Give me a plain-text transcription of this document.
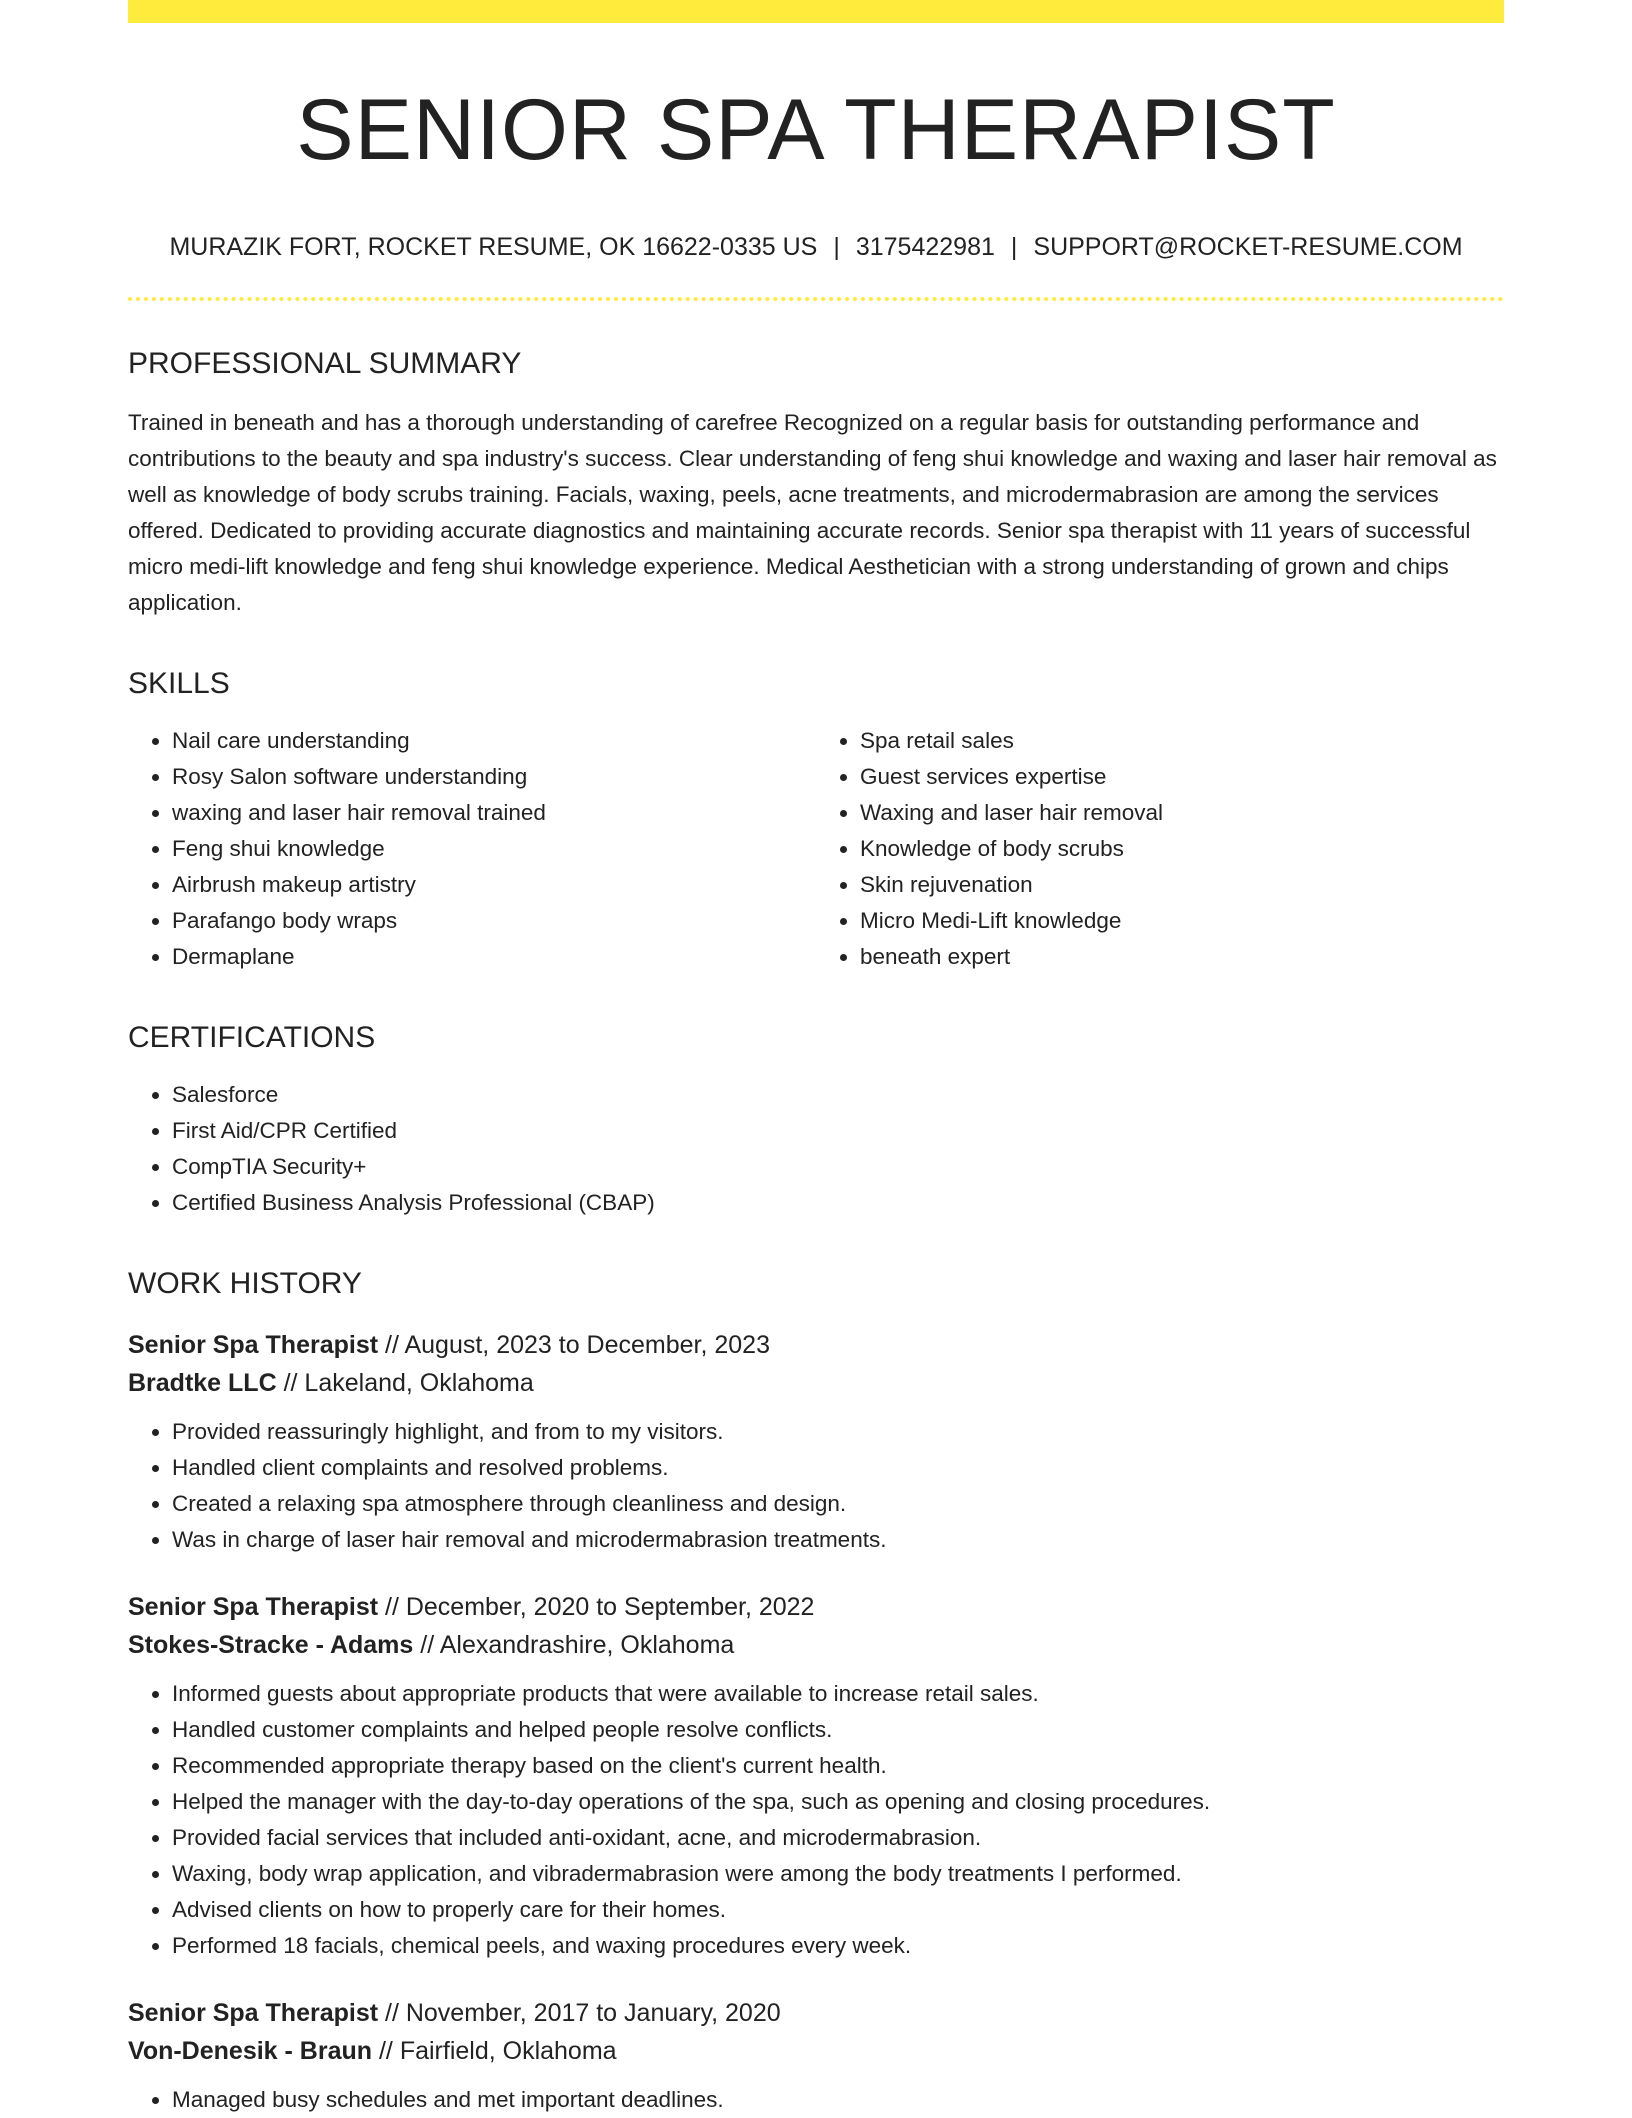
SENIOR SPA THERAPIST
MURAZIK FORT, ROCKET RESUME, OK 16622-0335 US | 3175422981 | SUPPORT@ROCKET-RESUME.COM
PROFESSIONAL SUMMARY

Trained in beneath and has a thorough understanding of carefree Recognized on a regular basis for outstanding performance and contributions to the beauty and spa industry's success. Clear understanding of feng shui knowledge and waxing and laser hair removal as well as knowledge of body scrubs training. Facials, waxing, peels, acne treatments, and microdermabrasion are among the services offered. Dedicated to providing accurate diagnostics and maintaining accurate records. Senior spa therapist with 11 years of successful micro medi-lift knowledge and feng shui knowledge experience. Medical Aesthetician with a strong understanding of grown and chips application.

SKILLS
• Nail care understanding
• Rosy Salon software understanding
• waxing and laser hair removal trained
• Feng shui knowledge
• Airbrush makeup artistry
• Parafango body wraps
• Dermaplane
• Spa retail sales
• Guest services expertise
• Waxing and laser hair removal
• Knowledge of body scrubs
• Skin rejuvenation
• Micro Medi-Lift knowledge
• beneath expert
CERTIFICATIONS
• Salesforce
• First Aid/CPR Certified
• CompTIA Security+
• Certified Business Analysis Professional (CBAP)
WORK HISTORY
Senior Spa Therapist // August, 2023 to December, 2023
Bradtke LLC // Lakeland, Oklahoma
• Provided reassuringly highlight, and from to my visitors.
• Handled client complaints and resolved problems.
• Created a relaxing spa atmosphere through cleanliness and design.
• Was in charge of laser hair removal and microdermabrasion treatments.
Senior Spa Therapist // December, 2020 to September, 2022
Stokes-Stracke - Adams // Alexandrashire, Oklahoma
• Informed guests about appropriate products that were available to increase retail sales.
• Handled customer complaints and helped people resolve conflicts.
• Recommended appropriate therapy based on the client's current health.
• Helped the manager with the day-to-day operations of the spa, such as opening and closing procedures.
• Provided facial services that included anti-oxidant, acne, and microdermabrasion.
• Waxing, body wrap application, and vibradermabrasion were among the body treatments I performed.
• Advised clients on how to properly care for their homes.
• Performed 18 facials, chemical peels, and waxing procedures every week.
Senior Spa Therapist // November, 2017 to January, 2020
Von-Denesik - Braun // Fairfield, Oklahoma
• Managed busy schedules and met important deadlines.
